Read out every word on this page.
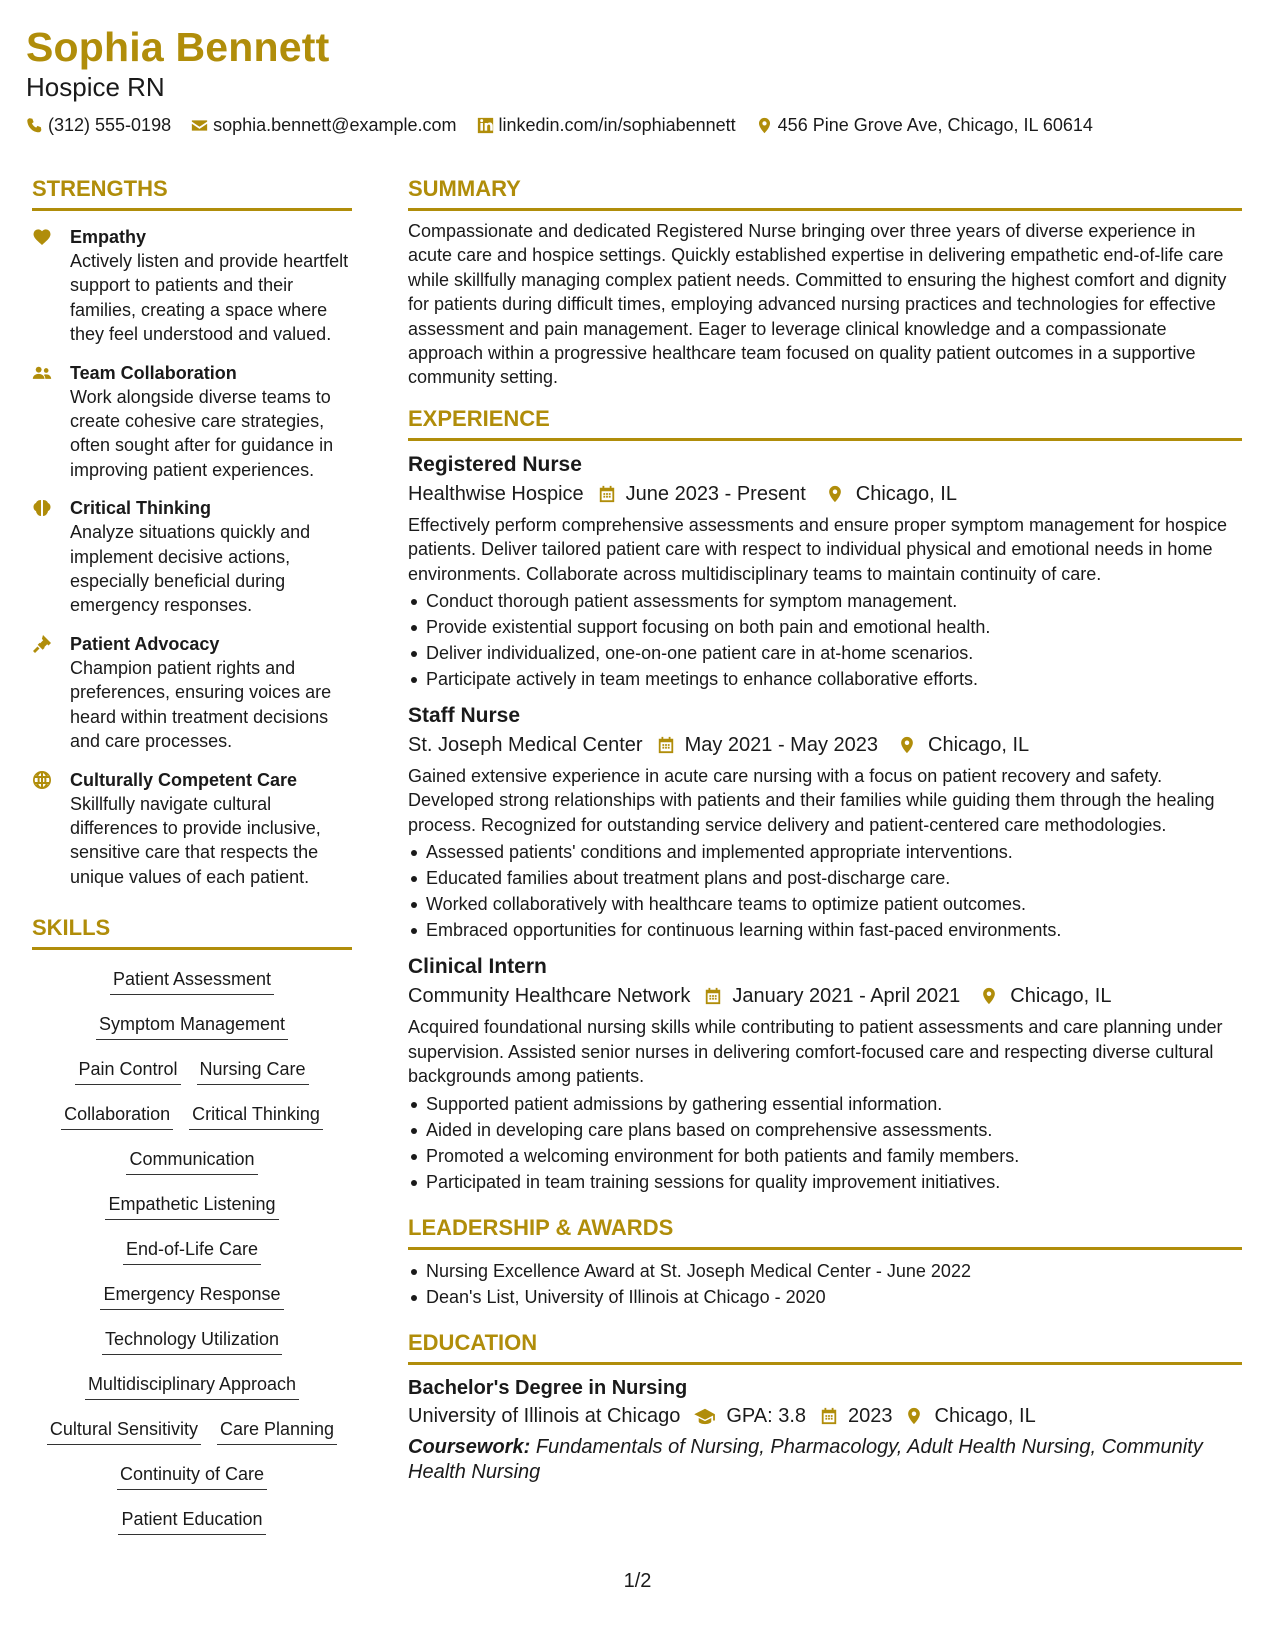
Sophia Bennett
Hospice RN
(312) 555-0198 sophia.bennett@example.com linkedin.com/in/sophiabennett 456 Pine Grove Ave, Chicago, IL 60614
STRENGTHS
Empathy
Actively listen and provide heartfelt support to patients and their families, creating a space where they feel understood and valued.
Team Collaboration
Work alongside diverse teams to create cohesive care strategies, often sought after for guidance in improving patient experiences.
Critical Thinking
Analyze situations quickly and implement decisive actions, especially beneficial during emergency responses.
Patient Advocacy
Champion patient rights and preferences, ensuring voices are heard within treatment decisions and care processes.
Culturally Competent Care
Skillfully navigate cultural differences to provide inclusive, sensitive care that respects the unique values of each patient.
SKILLS
Patient Assessment
Symptom Management
Pain Control Nursing Care
Collaboration Critical Thinking
Communication
Empathetic Listening
End-of-Life Care
Emergency Response
Technology Utilization
Multidisciplinary Approach
Cultural Sensitivity Care Planning
Continuity of Care
Patient Education
SUMMARY
Compassionate and dedicated Registered Nurse bringing over three years of diverse experience in acute care and hospice settings. Quickly established expertise in delivering empathetic end-of-life care while skillfully managing complex patient needs. Committed to ensuring the highest comfort and dignity for patients during difficult times, employing advanced nursing practices and technologies for effective assessment and pain management. Eager to leverage clinical knowledge and a compassionate approach within a progressive healthcare team focused on quality patient outcomes in a supportive community setting.
EXPERIENCE
Registered Nurse
Healthwise Hospice June 2023 - Present	Chicago, IL
Effectively perform comprehensive assessments and ensure proper symptom management for hospice patients. Deliver tailored patient care with respect to individual physical and emotional needs in home environments. Collaborate across multidisciplinary teams to maintain continuity of care.
Conduct thorough patient assessments for symptom management.
Provide existential support focusing on both pain and emotional health.
Deliver individualized, one-on-one patient care in at-home scenarios.
Participate actively in team meetings to enhance collaborative efforts.
Staff Nurse
St. Joseph Medical Center May 2021 - May 2023	Chicago, IL
Gained extensive experience in acute care nursing with a focus on patient recovery and safety. Developed strong relationships with patients and their families while guiding them through the healing process. Recognized for outstanding service delivery and patient-centered care methodologies.
Assessed patients' conditions and implemented appropriate interventions.
Educated families about treatment plans and post-discharge care.
Worked collaboratively with healthcare teams to optimize patient outcomes.
Embraced opportunities for continuous learning within fast-paced environments.
Clinical Intern
Community Healthcare Network January 2021 - April 2021	Chicago, IL
Acquired foundational nursing skills while contributing to patient assessments and care planning under supervision. Assisted senior nurses in delivering comfort-focused care and respecting diverse cultural backgrounds among patients.
Supported patient admissions by gathering essential information.
Aided in developing care plans based on comprehensive assessments.
Promoted a welcoming environment for both patients and family members.
Participated in team training sessions for quality improvement initiatives.
LEADERSHIP & AWARDS
Nursing Excellence Award at St. Joseph Medical Center - June 2022
Dean's List, University of Illinois at Chicago - 2020
EDUCATION
Bachelor's Degree in Nursing
University of Illinois at Chicago GPA: 3.8 2023 Chicago, IL
Coursework: Fundamentals of Nursing, Pharmacology, Adult Health Nursing, Community Health Nursing
1/2
